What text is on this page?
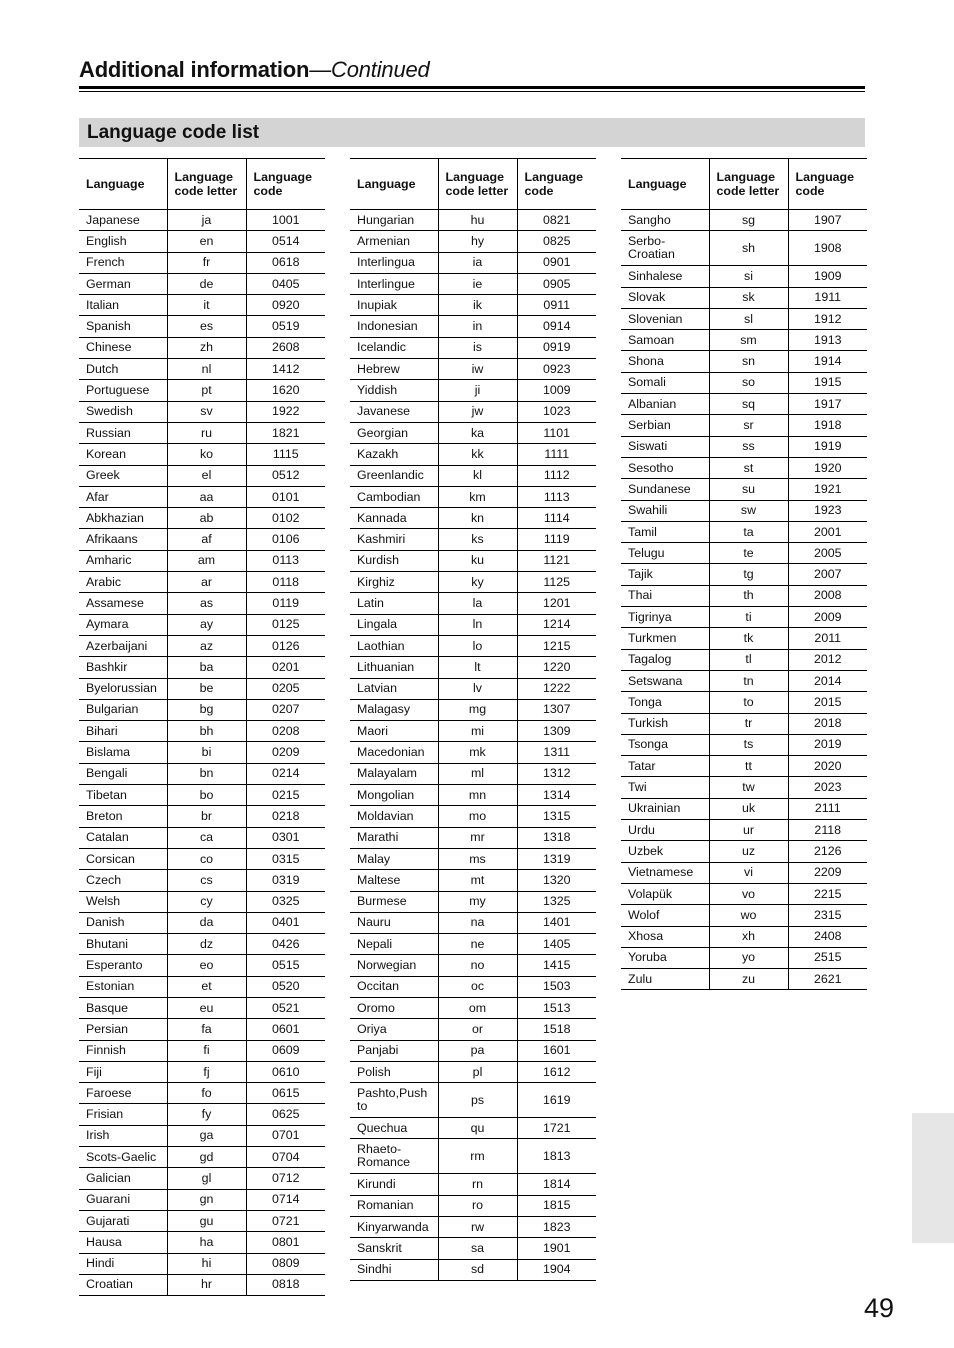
Additional information—Continued
Language code list
Language	Language code letter	Language code
Japanese	ja	1001
English	en	0514
French	fr	0618
German	de	0405
Italian	it	0920
Spanish	es	0519
Chinese	zh	2608
Dutch	nl	1412
Portuguese	pt	1620
Swedish	sv	1922
Russian	ru	1821
Korean	ko	1115
Greek	el	0512
Afar	aa	0101
Abkhazian	ab	0102
Afrikaans	af	0106
Amharic	am	0113
Arabic	ar	0118
Assamese	as	0119
Aymara	ay	0125
Azerbaijani	az	0126
Bashkir	ba	0201
Byelorussian	be	0205
Bulgarian	bg	0207
Bihari	bh	0208
Bislama	bi	0209
Bengali	bn	0214
Tibetan	bo	0215
Breton	br	0218
Catalan	ca	0301
Corsican	co	0315
Czech	cs	0319
Welsh	cy	0325
Danish	da	0401
Bhutani	dz	0426
Esperanto	eo	0515
Estonian	et	0520
Basque	eu	0521
Persian	fa	0601
Finnish	fi	0609
Fiji	fj	0610
Faroese	fo	0615
Frisian	fy	0625
Irish	ga	0701
Scots-Gaelic	gd	0704
Galician	gl	0712
Guarani	gn	0714
Gujarati	gu	0721
Hausa	ha	0801
Hindi	hi	0809
Croatian	hr	0818
Language	Language code letter	Language code
Hungarian	hu	0821
Armenian	hy	0825
Interlingua	ia	0901
Interlingue	ie	0905
Inupiak	ik	0911
Indonesian	in	0914
Icelandic	is	0919
Hebrew	iw	0923
Yiddish	ji	1009
Javanese	jw	1023
Georgian	ka	1101
Kazakh	kk	1111
Greenlandic	kl	1112
Cambodian	km	1113
Kannada	kn	1114
Kashmiri	ks	1119
Kurdish	ku	1121
Kirghiz	ky	1125
Latin	la	1201
Lingala	ln	1214
Laothian	lo	1215
Lithuanian	lt	1220
Latvian	lv	1222
Malagasy	mg	1307
Maori	mi	1309
Macedonian	mk	1311
Malayalam	ml	1312
Mongolian	mn	1314
Moldavian	mo	1315
Marathi	mr	1318
Malay	ms	1319
Maltese	mt	1320
Burmese	my	1325
Nauru	na	1401
Nepali	ne	1405
Norwegian	no	1415
Occitan	oc	1503
Oromo	om	1513
Oriya	or	1518
Panjabi	pa	1601
Polish	pl	1612
Pashto,Push to	ps	1619
Quechua	qu	1721
Rhaeto-Romance	rm	1813
Kirundi	rn	1814
Romanian	ro	1815
Kinyarwanda	rw	1823
Sanskrit	sa	1901
Sindhi	sd	1904
Language	Language code letter	Language code
Sangho	sg	1907
Serbo-Croatian	sh	1908
Sinhalese	si	1909
Slovak	sk	1911
Slovenian	sl	1912
Samoan	sm	1913
Shona	sn	1914
Somali	so	1915
Albanian	sq	1917
Serbian	sr	1918
Siswati	ss	1919
Sesotho	st	1920
Sundanese	su	1921
Swahili	sw	1923
Tamil	ta	2001
Telugu	te	2005
Tajik	tg	2007
Thai	th	2008
Tigrinya	ti	2009
Turkmen	tk	2011
Tagalog	tl	2012
Setswana	tn	2014
Tonga	to	2015
Turkish	tr	2018
Tsonga	ts	2019
Tatar	tt	2020
Twi	tw	2023
Ukrainian	uk	2111
Urdu	ur	2118
Uzbek	uz	2126
Vietnamese	vi	2209
Volapük	vo	2215
Wolof	wo	2315
Xhosa	xh	2408
Yoruba	yo	2515
Zulu	zu	2621
49
